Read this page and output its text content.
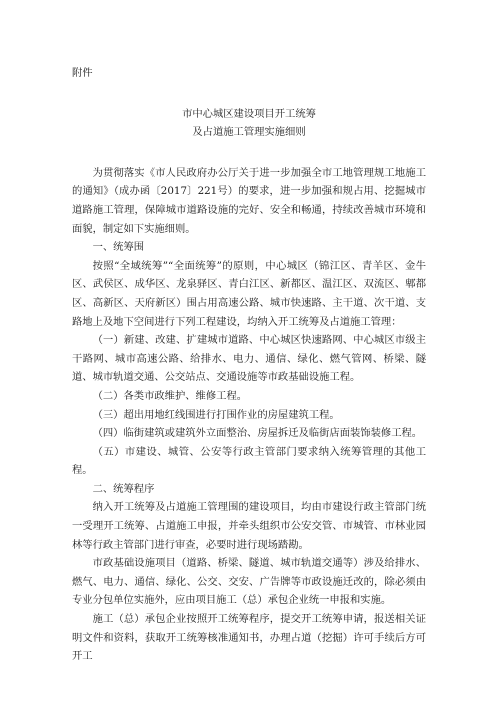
附件

市中心城区建设项目开工统筹

及占道施工管理实施细则

为贯彻落实《市人民政府办公厅关于进一步加强全市工地管理规工地施工的通知》（成办函〔2017〕221号）的要求，进一步加强和规占用、挖掘城市道路施工管理，保障城市道路设施的完好、安全和畅通，持续改善城市环境和面貌，制定如下实施细则。

一、统筹围

按照“全域统筹”“全面统筹”的原则，中心城区（锦江区、青羊区、金牛区、武侯区、成华区、龙泉驿区、青白江区、新都区、温江区、双流区、郫都区、高新区、天府新区）围占用高速公路、城市快速路、主干道、次干道、支路地上及地下空间进行下列工程建设，均纳入开工统筹及占道施工管理：

（一）新建、改建、扩建城市道路、中心城区快速路网、中心城区市级主干路网、城市高速公路、给排水、电力、通信、绿化、燃气管网、桥梁、隧道、城市轨道交通、公交站点、交通设施等市政基础设施工程。

（二）各类市政维护、维修工程。

（三）超出用地红线围进行打围作业的房屋建筑工程。

（四）临街建筑或建筑外立面整治、房屋拆迁及临街店面装饰装修工程。

（五）市建设、城管、公安等行政主管部门要求纳入统筹管理的其他工程。

二、统筹程序

纳入开工统筹及占道施工管理围的建设项目，均由市建设行政主管部门统一受理开工统筹、占道施工申报，并牵头组织市公安交管、市城管、市林业园林等行政主管部门进行审查，必要时进行现场踏勘。

市政基础设施项目（道路、桥梁、隧道、城市轨道交通等）涉及给排水、燃气、电力、通信、绿化、公交、交安、广告牌等市政设施迁改的，除必须由专业分包单位实施外，应由项目施工（总）承包企业统一申报和实施。

施工（总）承包企业按照开工统筹程序，提交开工统筹申请，报送相关证明文件和资料，获取开工统筹核准通知书，办理占道（挖掘）许可手续后方可开工
